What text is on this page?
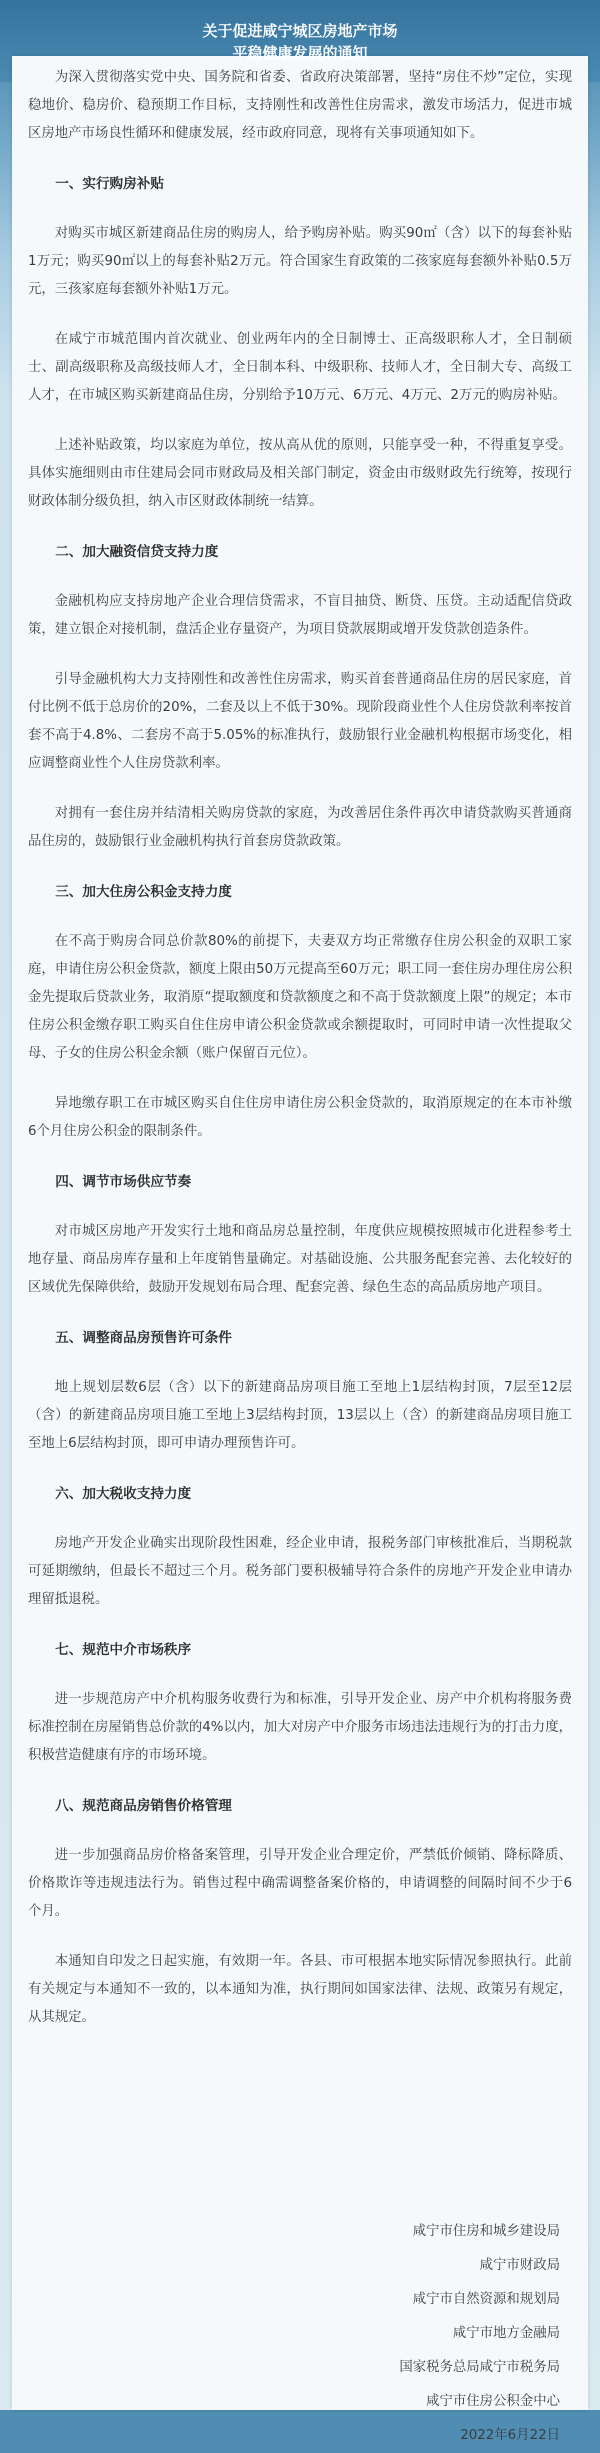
关于促进咸宁城区房地产市场
平稳健康发展的通知

为深入贯彻落实党中央、国务院和省委、省政府决策部署，坚持“房住不炒”定位，实现稳地价、稳房价、稳预期工作目标，支持刚性和改善性住房需求，激发市场活力，促进市城区房地产市场良性循环和健康发展，经市政府同意，现将有关事项通知如下。

一、实行购房补贴

对购买市城区新建商品住房的购房人，给予购房补贴。购买90㎡（含）以下的每套补贴1万元；购买90㎡以上的每套补贴2万元。符合国家生育政策的二孩家庭每套额外补贴0.5万元，三孩家庭每套额外补贴1万元。

在咸宁市城范围内首次就业、创业两年内的全日制博士、正高级职称人才，全日制硕士、副高级职称及高级技师人才，全日制本科、中级职称、技师人才，全日制大专、高级工人才，在市城区购买新建商品住房，分别给予10万元、6万元、4万元、2万元的购房补贴。

上述补贴政策，均以家庭为单位，按从高从优的原则，只能享受一种，不得重复享受。具体实施细则由市住建局会同市财政局及相关部门制定，资金由市级财政先行统筹，按现行财政体制分级负担，纳入市区财政体制统一结算。

二、加大融资信贷支持力度

金融机构应支持房地产企业合理信贷需求，不盲目抽贷、断贷、压贷。主动适配信贷政策，建立银企对接机制，盘活企业存量资产，为项目贷款展期或增开发贷款创造条件。

引导金融机构大力支持刚性和改善性住房需求，购买首套普通商品住房的居民家庭，首付比例不低于总房价的20%，二套及以上不低于30%。现阶段商业性个人住房贷款利率按首套不高于4.8%、二套房不高于5.05%的标准执行，鼓励银行业金融机构根据市场变化，相应调整商业性个人住房贷款利率。

对拥有一套住房并结清相关购房贷款的家庭，为改善居住条件再次申请贷款购买普通商品住房的，鼓励银行业金融机构执行首套房贷款政策。

三、加大住房公积金支持力度

在不高于购房合同总价款80%的前提下，夫妻双方均正常缴存住房公积金的双职工家庭，申请住房公积金贷款，额度上限由50万元提高至60万元；职工同一套住房办理住房公积金先提取后贷款业务，取消原“提取额度和贷款额度之和不高于贷款额度上限”的规定；本市住房公积金缴存职工购买自住住房申请公积金贷款或余额提取时，可同时申请一次性提取父母、子女的住房公积金余额（账户保留百元位）。

异地缴存职工在市城区购买自住住房申请住房公积金贷款的，取消原规定的在本市补缴6个月住房公积金的限制条件。

四、调节市场供应节奏

对市城区房地产开发实行土地和商品房总量控制，年度供应规模按照城市化进程参考土地存量、商品房库存量和上年度销售量确定。对基础设施、公共服务配套完善、去化较好的区域优先保障供给，鼓励开发规划布局合理、配套完善、绿色生态的高品质房地产项目。

五、调整商品房预售许可条件

地上规划层数6层（含）以下的新建商品房项目施工至地上1层结构封顶，7层至12层（含）的新建商品房项目施工至地上3层结构封顶，13层以上（含）的新建商品房项目施工至地上6层结构封顶，即可申请办理预售许可。

六、加大税收支持力度

房地产开发企业确实出现阶段性困难，经企业申请，报税务部门审核批准后，当期税款可延期缴纳，但最长不超过三个月。税务部门要积极辅导符合条件的房地产开发企业申请办理留抵退税。

七、规范中介市场秩序

进一步规范房产中介机构服务收费行为和标准，引导开发企业、房产中介机构将服务费标准控制在房屋销售总价款的4%以内，加大对房产中介服务市场违法违规行为的打击力度，积极营造健康有序的市场环境。

八、规范商品房销售价格管理

进一步加强商品房价格备案管理，引导开发企业合理定价，严禁低价倾销、降标降质、价格欺诈等违规违法行为。销售过程中确需调整备案价格的，申请调整的间隔时间不少于6个月。

本通知自印发之日起实施，有效期一年。各县、市可根据本地实际情况参照执行。此前有关规定与本通知不一致的，以本通知为准，执行期间如国家法律、法规、政策另有规定，从其规定。

咸宁市住房和城乡建设局
咸宁市财政局
咸宁市自然资源和规划局
咸宁市地方金融局
国家税务总局咸宁市税务局
咸宁市住房公积金中心
2022年6月22日
